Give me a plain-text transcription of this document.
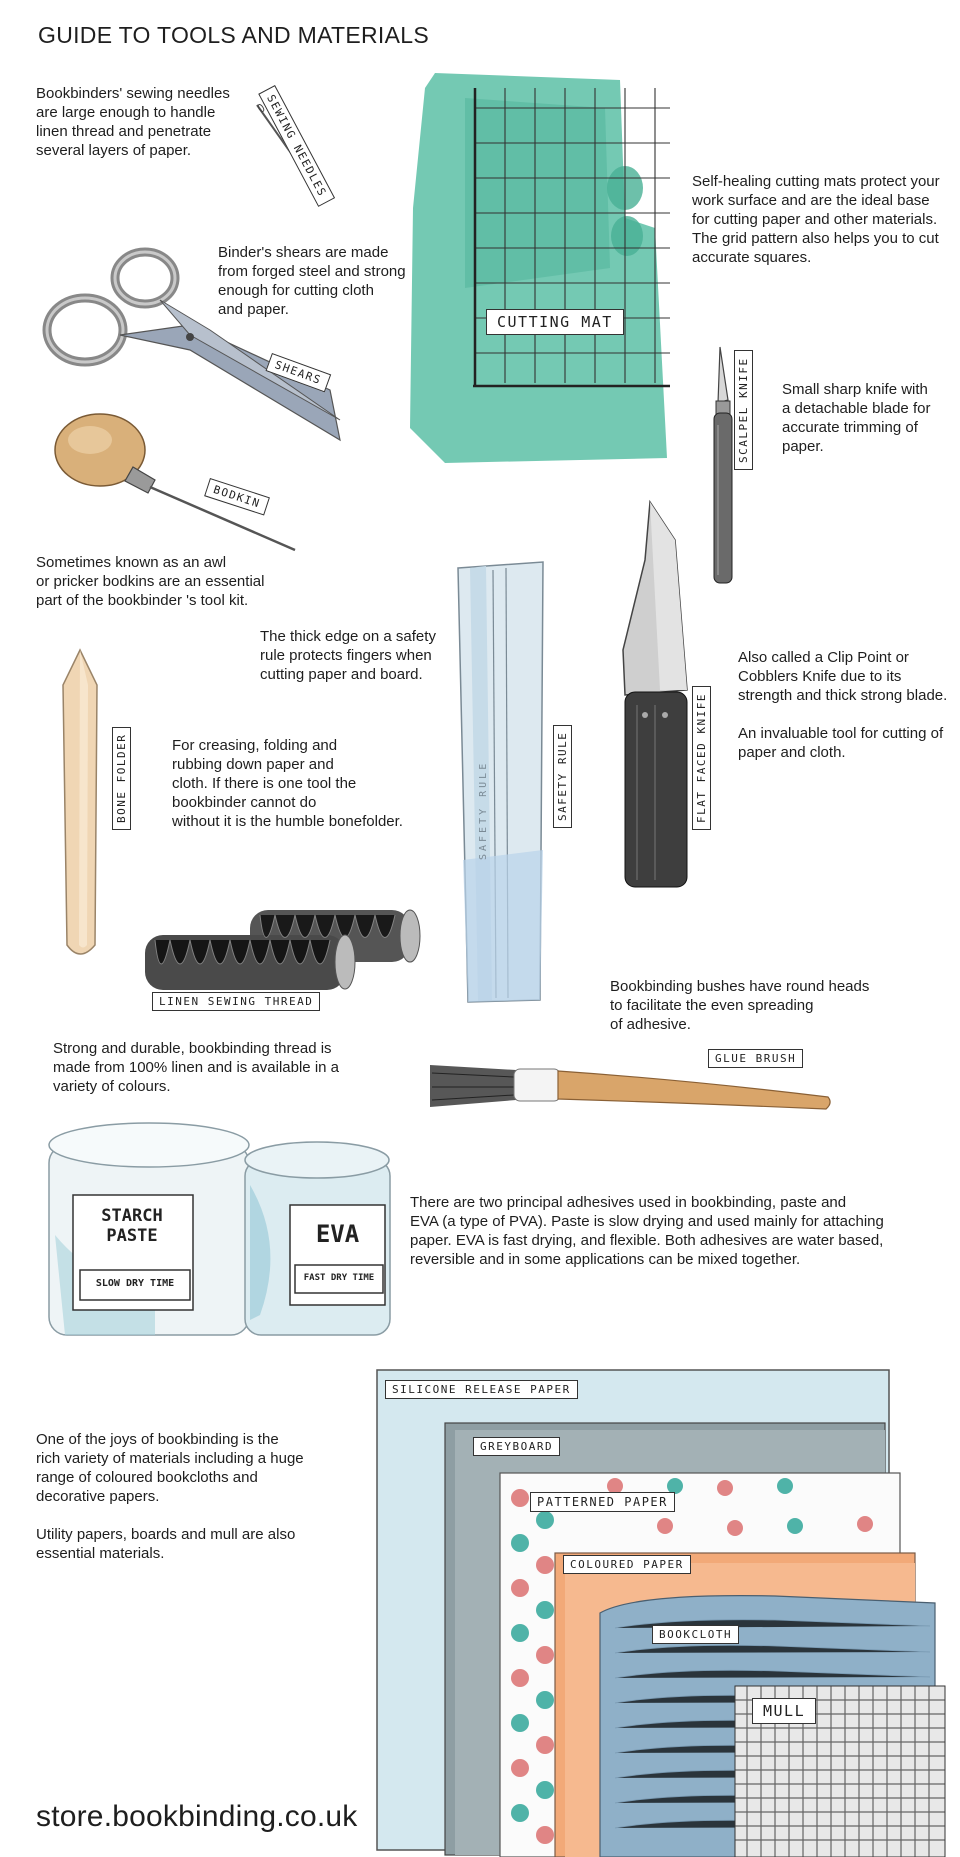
GUIDE TO TOOLS AND MATERIALS

Bookbinders' sewing needles
are large enough to handle
linen thread and penetrate
several layers of paper.	SEWING NEEDLES

Binder's shears are made
from forged steel and strong
enough for cutting cloth
and paper.

SHEARS
BODKIN

Sometimes known as an awl
or pricker bodkins are an essential
part of the bookbinder 's tool kit.

CUTTING MAT

Self-healing cutting mats protect your
work surface and are the ideal base
for cutting paper and other materials.
The grid pattern also helps you to cut
accurate squares.

SCALPEL KNIFE Small sharp knife with
a detachable blade for
accurate trimming of
paper.

SAFETY RULE	SAFETY RULE

The thick edge on a safety
rule protects fingers when
cutting paper and board.

FLAT FACED KNIFE

Also called a Clip Point or
Cobblers Knife due to its
strength and thick strong blade.

An invaluable tool for cutting of
paper and cloth.

BONE FOLDER	For creasing, folding and
rubbing down paper and
cloth. If there is one tool the
bookbinder cannot do
without it is the humble bonefolder.

LINEN SEWING THREAD

Strong and durable, bookbinding thread is
made from 100% linen and is available in a
variety of colours.

Bookbinding bushes have round heads
to facilitate the even spreading
of adhesive.

GLUE BRUSH
STARCH
PASTE
SLOW DRY TIME
EVA
FAST DRY TIME

There are two principal adhesives used in bookbinding, paste and
EVA (a type of PVA). Paste is slow drying and used mainly for attaching
paper. EVA is fast drying, and flexible. Both adhesives are water based,
reversible and in some applications can be mixed together.

One of the joys of bookbinding is the
rich variety of materials including a huge
range of coloured bookcloths and
decorative papers.

Utility papers, boards and mull are also
essential materials.

SILICONE RELEASE PAPER
GREYBOARD
PATTERNED PAPER
COLOURED PAPER
BOOKCLOTH
MULL
store.bookbinding.co.uk
